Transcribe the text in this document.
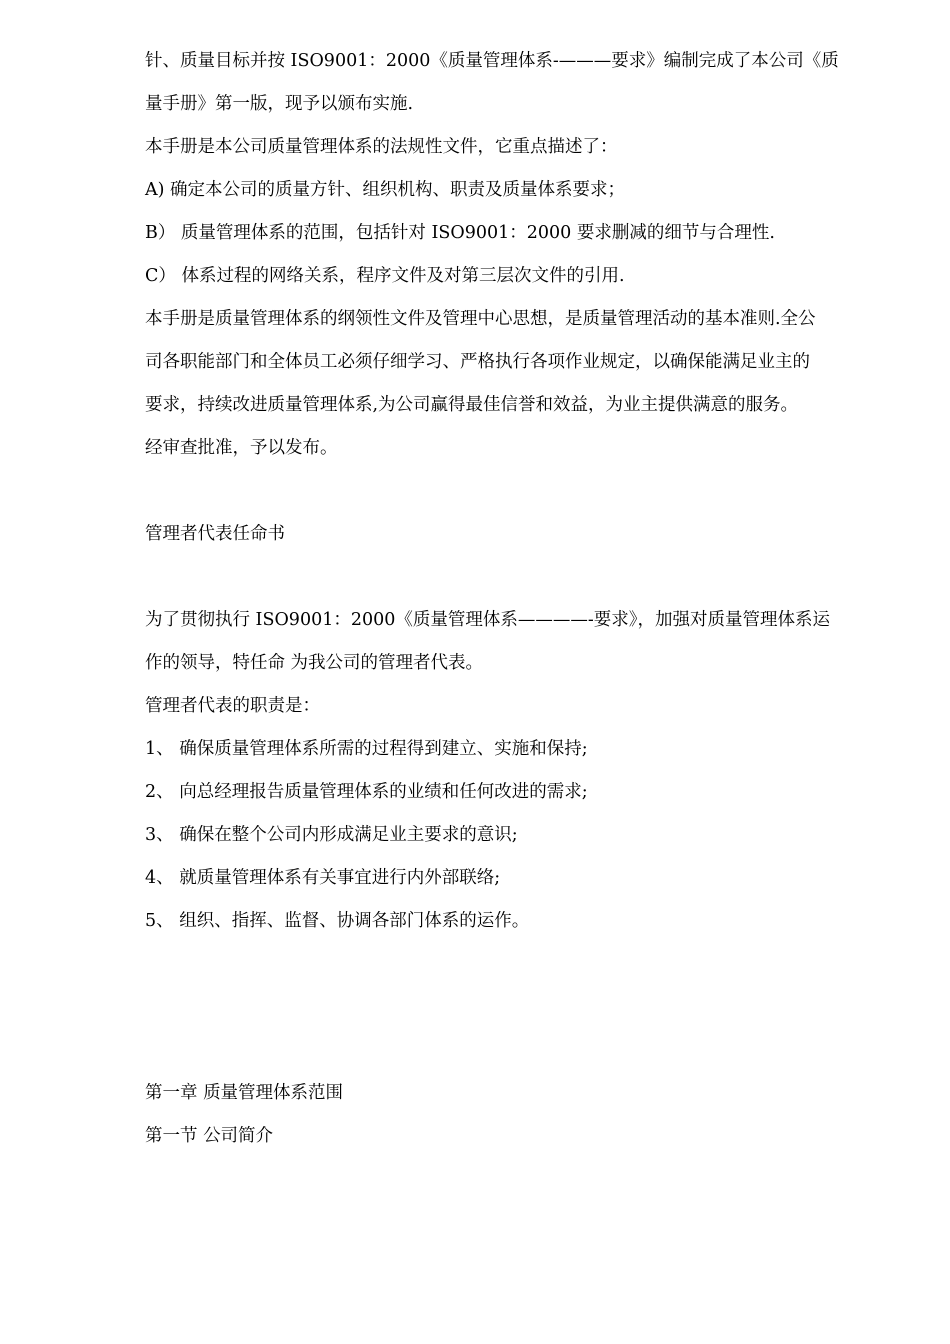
针、质量目标并按 ISO9001：2000《质量管理体系-———要求》编制完成了本公司《质
量手册》第一版，现予以颁布实施.
本手册是本公司质量管理体系的法规性文件，它重点描述了：
A) 确定本公司的质量方针、组织机构、职责及质量体系要求；
B） 质量管理体系的范围，包括针对 ISO9001：2000 要求删减的细节与合理性.
C） 体系过程的网络关系，程序文件及对第三层次文件的引用.
本手册是质量管理体系的纲领性文件及管理中心思想，是质量管理活动的基本准则.全公
司各职能部门和全体员工必须仔细学习、严格执行各项作业规定，以确保能满足业主的
要求，持续改进质量管理体系,为公司赢得最佳信誉和效益，为业主提供满意的服务。
经审查批准，予以发布。
管理者代表任命书
为了贯彻执行 ISO9001：2000《质量管理体系————-要求》，加强对质量管理体系运
作的领导，特任命 为我公司的管理者代表。
管理者代表的职责是：
1、 确保质量管理体系所需的过程得到建立、实施和保持;
2、 向总经理报告质量管理体系的业绩和任何改进的需求;
3、 确保在整个公司内形成满足业主要求的意识;
4、 就质量管理体系有关事宜进行内外部联络;
5、 组织、指挥、监督、协调各部门体系的运作。
第一章 质量管理体系范围
第一节 公司简介
